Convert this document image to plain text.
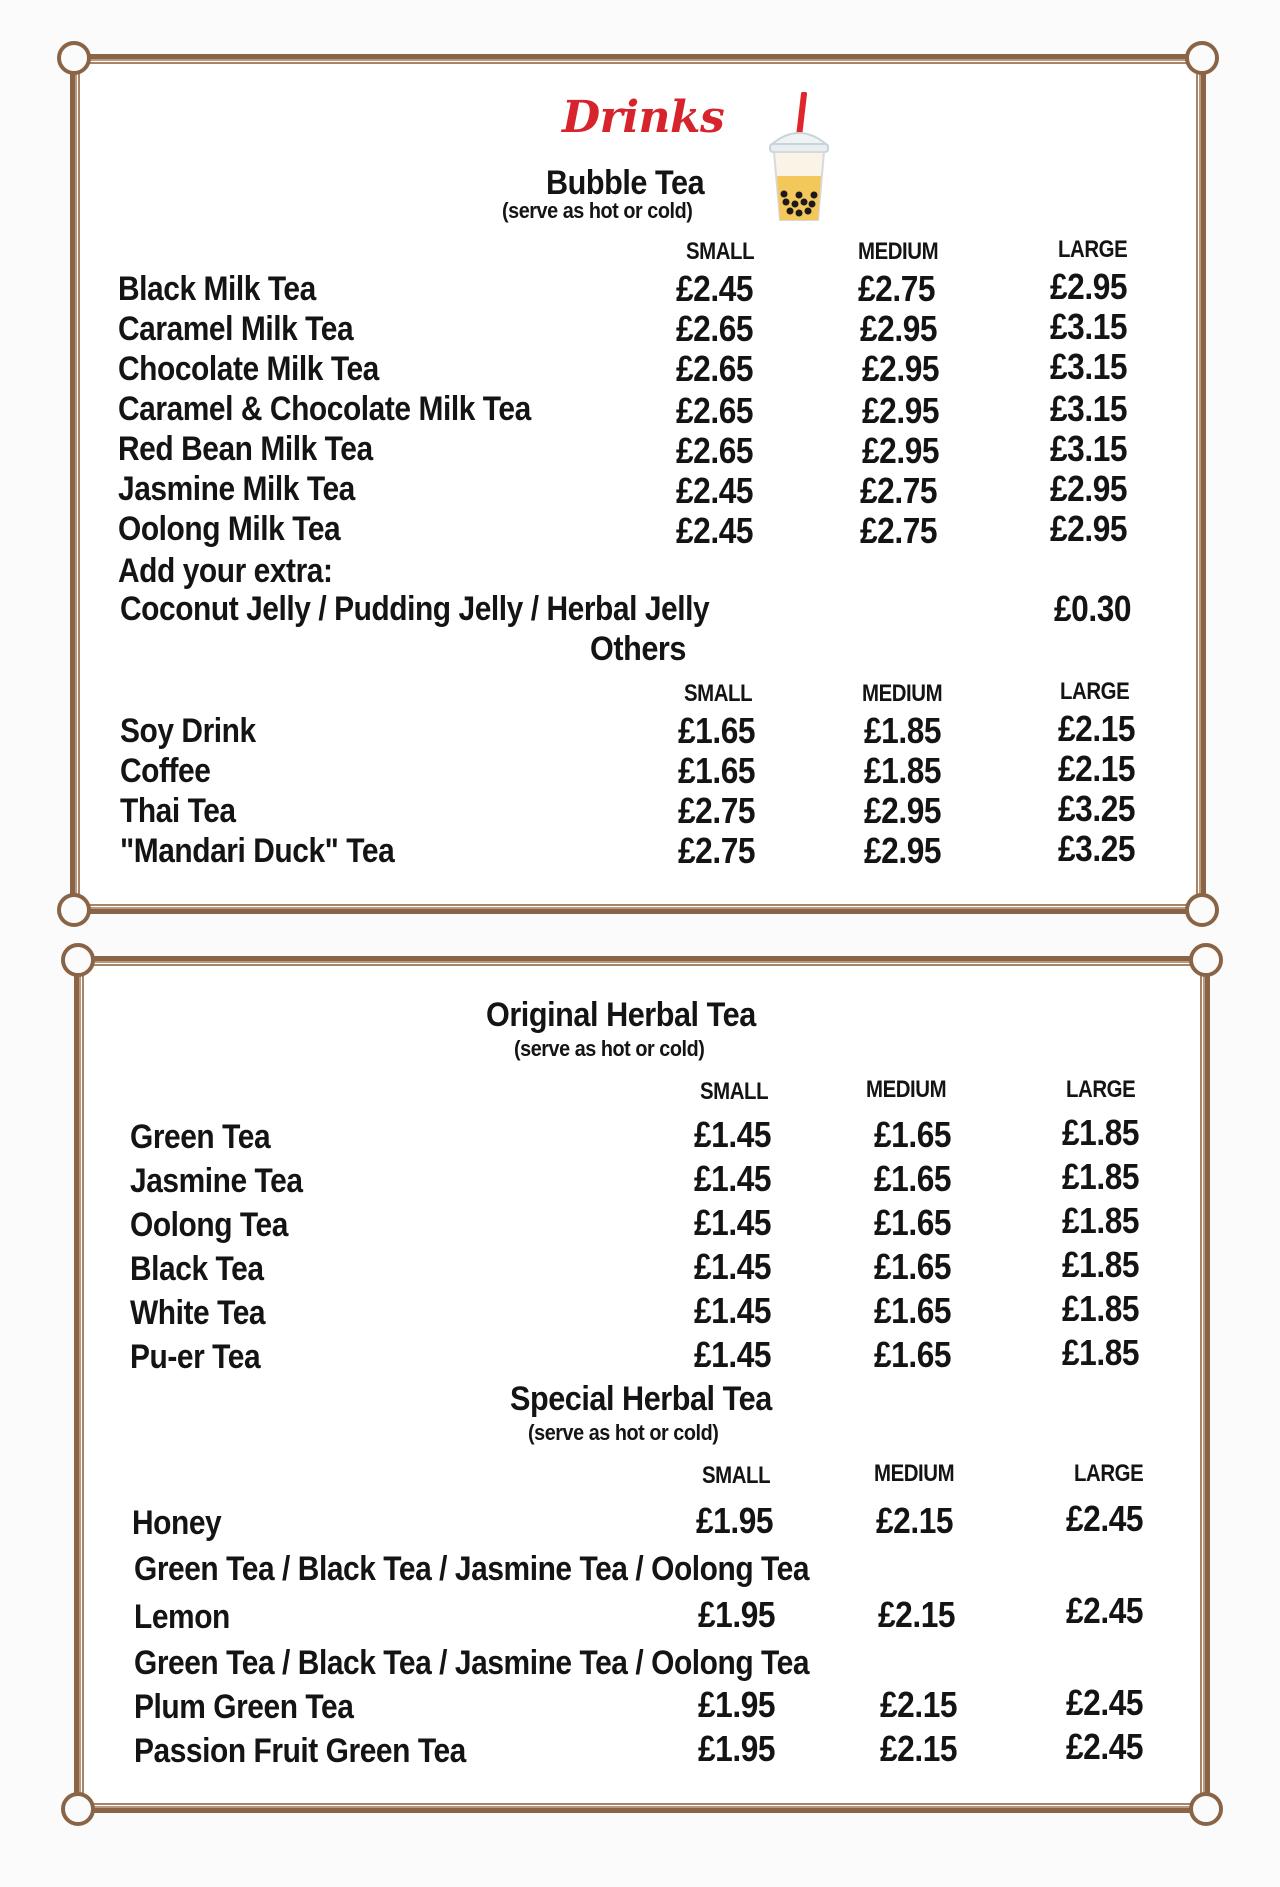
Drinks
Bubble Tea
(serve as hot or cold)
SMALL	MEDIUM	LARGE
Black Milk Tea	£2.45	£2.75	£2.95
Caramel Milk Tea	£2.65	£2.95	£3.15
Chocolate Milk Tea	£2.65	£2.95	£3.15
Caramel & Chocolate Milk Tea	£2.65	£2.95	£3.15
Red Bean Milk Tea	£2.65	£2.95	£3.15
Jasmine Milk Tea	£2.45	£2.75	£2.95
Oolong Milk Tea	£2.45	£2.75	£2.95
Add your extra:
Coconut Jelly / Pudding Jelly / Herbal Jelly	£0.30
Others
SMALL	MEDIUM	LARGE
Soy Drink	£1.65	£1.85	£2.15
Coffee	£1.65	£1.85	£2.15
Thai Tea	£2.75	£2.95	£3.25
"Mandari Duck" Tea	£2.75	£2.95	£3.25
Original Herbal Tea
(serve as hot or cold)
SMALL	MEDIUM	LARGE
Green Tea	£1.45	£1.65	£1.85
Jasmine Tea	£1.45	£1.65	£1.85
Oolong Tea	£1.45	£1.65	£1.85
Black Tea	£1.45	£1.65	£1.85
White Tea	£1.45	£1.65	£1.85
Pu-er Tea	£1.45	£1.65	£1.85
Special Herbal Tea
(serve as hot or cold)
SMALL	MEDIUM	LARGE
Honey	£1.95	£2.15	£2.45
Green Tea / Black Tea / Jasmine Tea / Oolong Tea
Lemon	£1.95	£2.15	£2.45
Green Tea / Black Tea / Jasmine Tea / Oolong Tea
Plum Green Tea	£1.95	£2.15	£2.45
Passion Fruit Green Tea	£1.95	£2.15	£2.45
